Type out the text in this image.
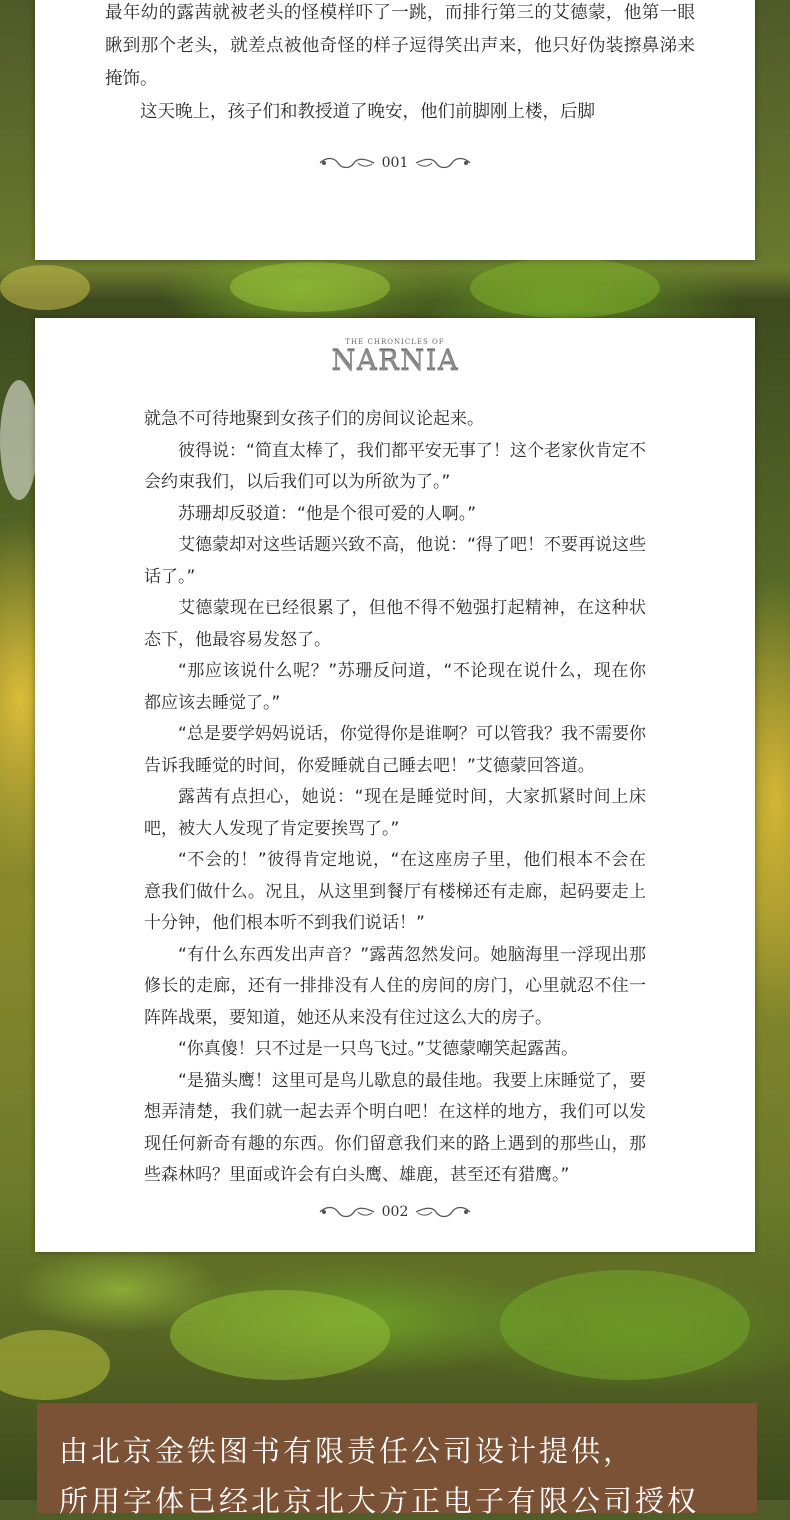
最年幼的露茜就被老头的怪模样吓了一跳，而排行第三的艾德蒙，他第一眼瞅到那个老头，就差点被他奇怪的样子逗得笑出声来，他只好伪装擦鼻涕来掩饰。

这天晚上，孩子们和教授道了晚安，他们前脚刚上楼，后脚

001
THE CHRONICLES OF
NARNIA

就急不可待地聚到女孩子们的房间议论起来。

彼得说：“简直太棒了，我们都平安无事了！这个老家伙肯定不会约束我们，以后我们可以为所欲为了。”

苏珊却反驳道：“他是个很可爱的人啊。”

艾德蒙却对这些话题兴致不高，他说：“得了吧！不要再说这些话了。”

艾德蒙现在已经很累了，但他不得不勉强打起精神，在这种状态下，他最容易发怒了。

“那应该说什么呢？”苏珊反问道，“不论现在说什么，现在你都应该去睡觉了。”

“总是要学妈妈说话，你觉得你是谁啊？可以管我？我不需要你告诉我睡觉的时间，你爱睡就自己睡去吧！”艾德蒙回答道。

露茜有点担心，她说：“现在是睡觉时间，大家抓紧时间上床吧，被大人发现了肯定要挨骂了。”

“不会的！”彼得肯定地说，“在这座房子里，他们根本不会在意我们做什么。况且，从这里到餐厅有楼梯还有走廊，起码要走上十分钟，他们根本听不到我们说话！”

“有什么东西发出声音？”露茜忽然发问。她脑海里一浮现出那修长的走廊，还有一排排没有人住的房间的房门，心里就忍不住一阵阵战栗，要知道，她还从来没有住过这么大的房子。

“你真傻！只不过是一只鸟飞过。”艾德蒙嘲笑起露茜。

“是猫头鹰！这里可是鸟儿歇息的最佳地。我要上床睡觉了，要想弄清楚，我们就一起去弄个明白吧！在这样的地方，我们可以发现任何新奇有趣的东西。你们留意我们来的路上遇到的那些山，那些森林吗？里面或许会有白头鹰、雄鹿，甚至还有猎鹰。”

002
由北京金铁图书有限责任公司设计提供，
所用字体已经北京北大方正电子有限公司授权
